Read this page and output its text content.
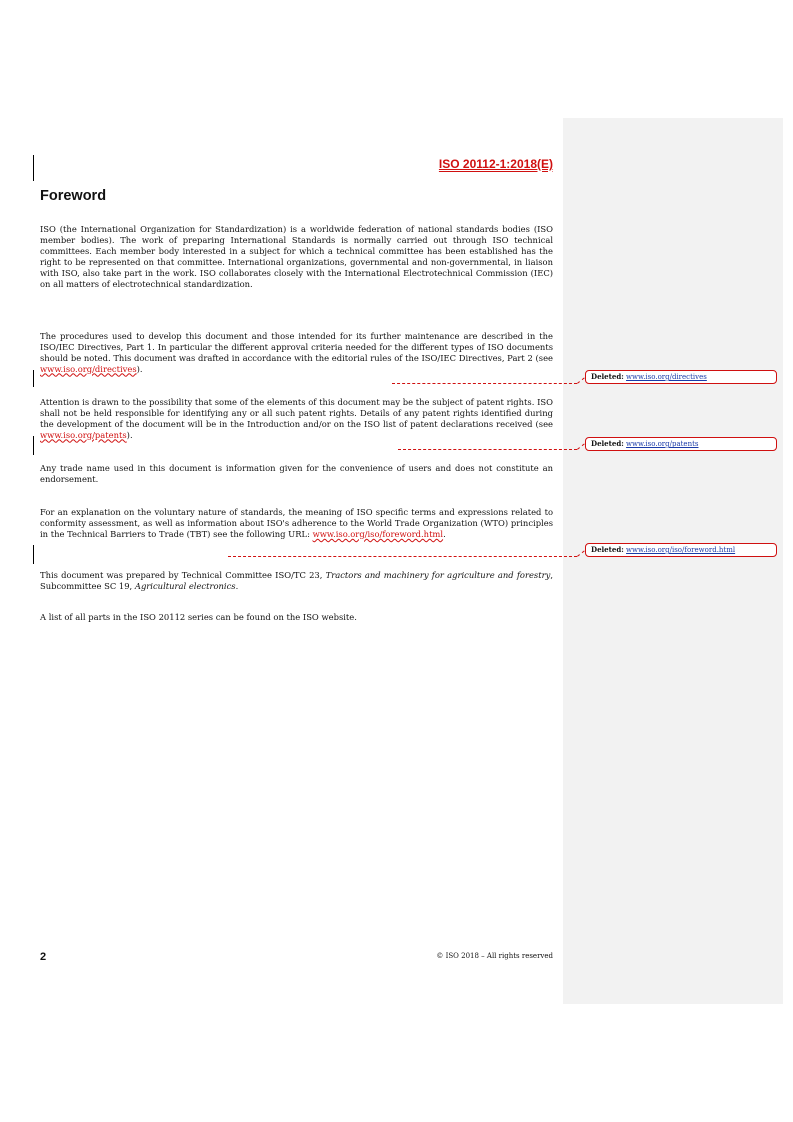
ISO 20112-1:2018(E)
Foreword

ISO (the International Organization for Standardization) is a worldwide federation of national standards bodies (ISO member bodies). The work of preparing International Standards is normally carried out through ISO technical committees. Each member body interested in a subject for which a technical committee has been established has the right to be represented on that committee. International organizations, governmental and non-governmental, in liaison with ISO, also take part in the work. ISO collaborates closely with the International Electrotechnical Commission (IEC) on all matters of electrotechnical standardization.

The procedures used to develop this document and those intended for its further maintenance are described in the ISO/IEC Directives, Part 1. In particular the different approval criteria needed for the different types of ISO documents should be noted. This document was drafted in accordance with the editorial rules of the ISO/IEC Directives, Part 2 (see www.iso.org/directives).

Attention is drawn to the possibility that some of the elements of this document may be the subject of patent rights. ISO shall not be held responsible for identifying any or all such patent rights. Details of any patent rights identified during the development of the document will be in the Introduction and/or on the ISO list of patent declarations received (see www.iso.org/patents).

Any trade name used in this document is information given for the convenience of users and does not constitute an endorsement.

For an explanation on the voluntary nature of standards, the meaning of ISO specific terms and expressions related to conformity assessment, as well as information about ISO's adherence to the World Trade Organization (WTO) principles in the Technical Barriers to Trade (TBT) see the following URL: www.iso.org/iso/foreword.html.

This document was prepared by Technical Committee ISO/TC 23, Tractors and machinery for agriculture and forestry, Subcommittee SC 19, Agricultural electronics.

A list of all parts in the ISO 20112 series can be found on the ISO website.

Deleted: www.iso.org/directives
Deleted: www.iso.org/patents
Deleted: www.iso.org/iso/foreword.html
2	© ISO 2018 – All rights reserved
